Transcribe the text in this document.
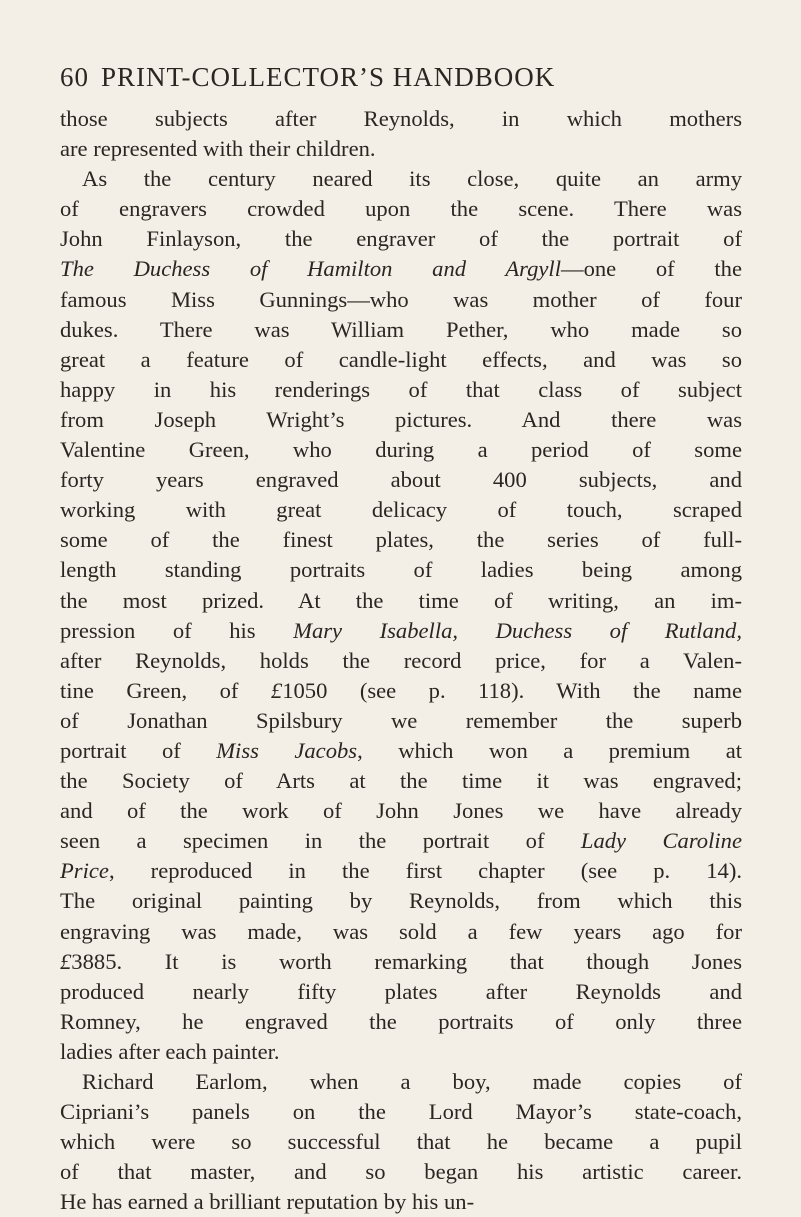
60 PRINT-COLLECTOR’S HANDBOOK
those subjects after Reynolds, in which mothers
are represented with their children.
As the century neared its close, quite an army
of engravers crowded upon the scene. There was
John Finlayson, the engraver of the portrait of
The Duchess of Hamilton and Argyll—one of the
famous Miss Gunnings—who was mother of four
dukes. There was William Pether, who made so
great a feature of candle-light effects, and was so
happy in his renderings of that class of subject
from Joseph Wright’s pictures. And there was
Valentine Green, who during a period of some
forty years engraved about 400 subjects, and
working with great delicacy of touch, scraped
some of the finest plates, the series of full-
length standing portraits of ladies being among
the most prized. At the time of writing, an im-
pression of his Mary Isabella, Duchess of Rutland,
after Reynolds, holds the record price, for a Valen-
tine Green, of £1050 (see p. 118). With the name
of Jonathan Spilsbury we remember the superb
portrait of Miss Jacobs, which won a premium at
the Society of Arts at the time it was engraved;
and of the work of John Jones we have already
seen a specimen in the portrait of Lady Caroline
Price, reproduced in the first chapter (see p. 14).
The original painting by Reynolds, from which this
engraving was made, was sold a few years ago for
£3885. It is worth remarking that though Jones
produced nearly fifty plates after Reynolds and
Romney, he engraved the portraits of only three
ladies after each painter.
Richard Earlom, when a boy, made copies of
Cipriani’s panels on the Lord Mayor’s state-coach,
which were so successful that he became a pupil
of that master, and so began his artistic career.
He has earned a brilliant reputation by his un-
